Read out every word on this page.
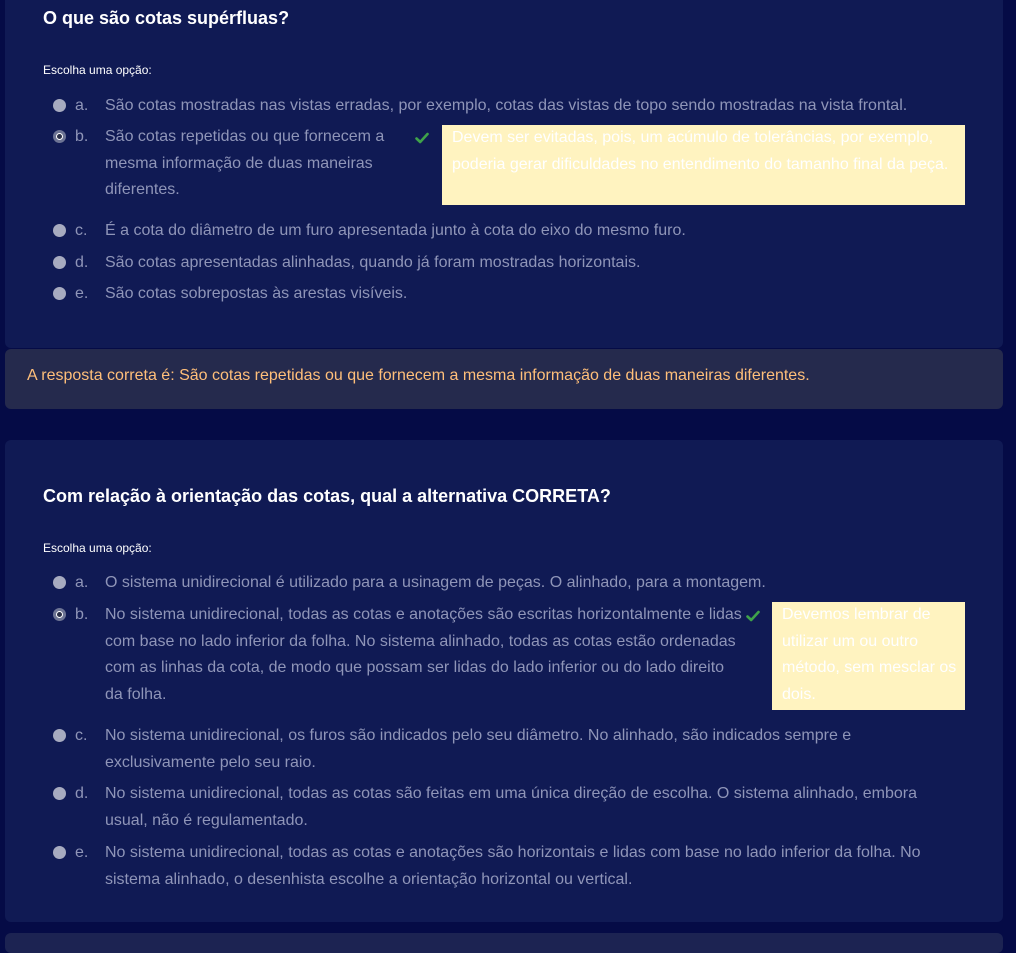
O que são cotas supérfluas?
Escolha uma opção:
a. São cotas mostradas nas vistas erradas, por exemplo, cotas das vistas de topo sendo mostradas na vista frontal.
b. São cotas repetidas ou que fornecem a mesma informação de duas maneiras diferentes.
Devem ser evitadas, pois, um acúmulo de tolerâncias, por exemplo, poderia gerar dificuldades no entendimento do tamanho final da peça.
c. É a cota do diâmetro de um furo apresentada junto à cota do eixo do mesmo furo.
d. São cotas apresentadas alinhadas, quando já foram mostradas horizontais.
e. São cotas sobrepostas às arestas visíveis.
A resposta correta é: São cotas repetidas ou que fornecem a mesma informação de duas maneiras diferentes.
Com relação à orientação das cotas, qual a alternativa CORRETA?
Escolha uma opção:
a. O sistema unidirecional é utilizado para a usinagem de peças. O alinhado, para a montagem.
b. No sistema unidirecional, todas as cotas e anotações são escritas horizontalmente e lidas com base no lado inferior da folha. No sistema alinhado, todas as cotas estão ordenadas com as linhas da cota, de modo que possam ser lidas do lado inferior ou do lado direito da folha.
Devemos lembrar de utilizar um ou outro método, sem mesclar os dois.
c. No sistema unidirecional, os furos são indicados pelo seu diâmetro. No alinhado, são indicados sempre e exclusivamente pelo seu raio.
d. No sistema unidirecional, todas as cotas são feitas em uma única direção de escolha. O sistema alinhado, embora usual, não é regulamentado.
e. No sistema unidirecional, todas as cotas e anotações são horizontais e lidas com base no lado inferior da folha. No sistema alinhado, o desenhista escolhe a orientação horizontal ou vertical.
